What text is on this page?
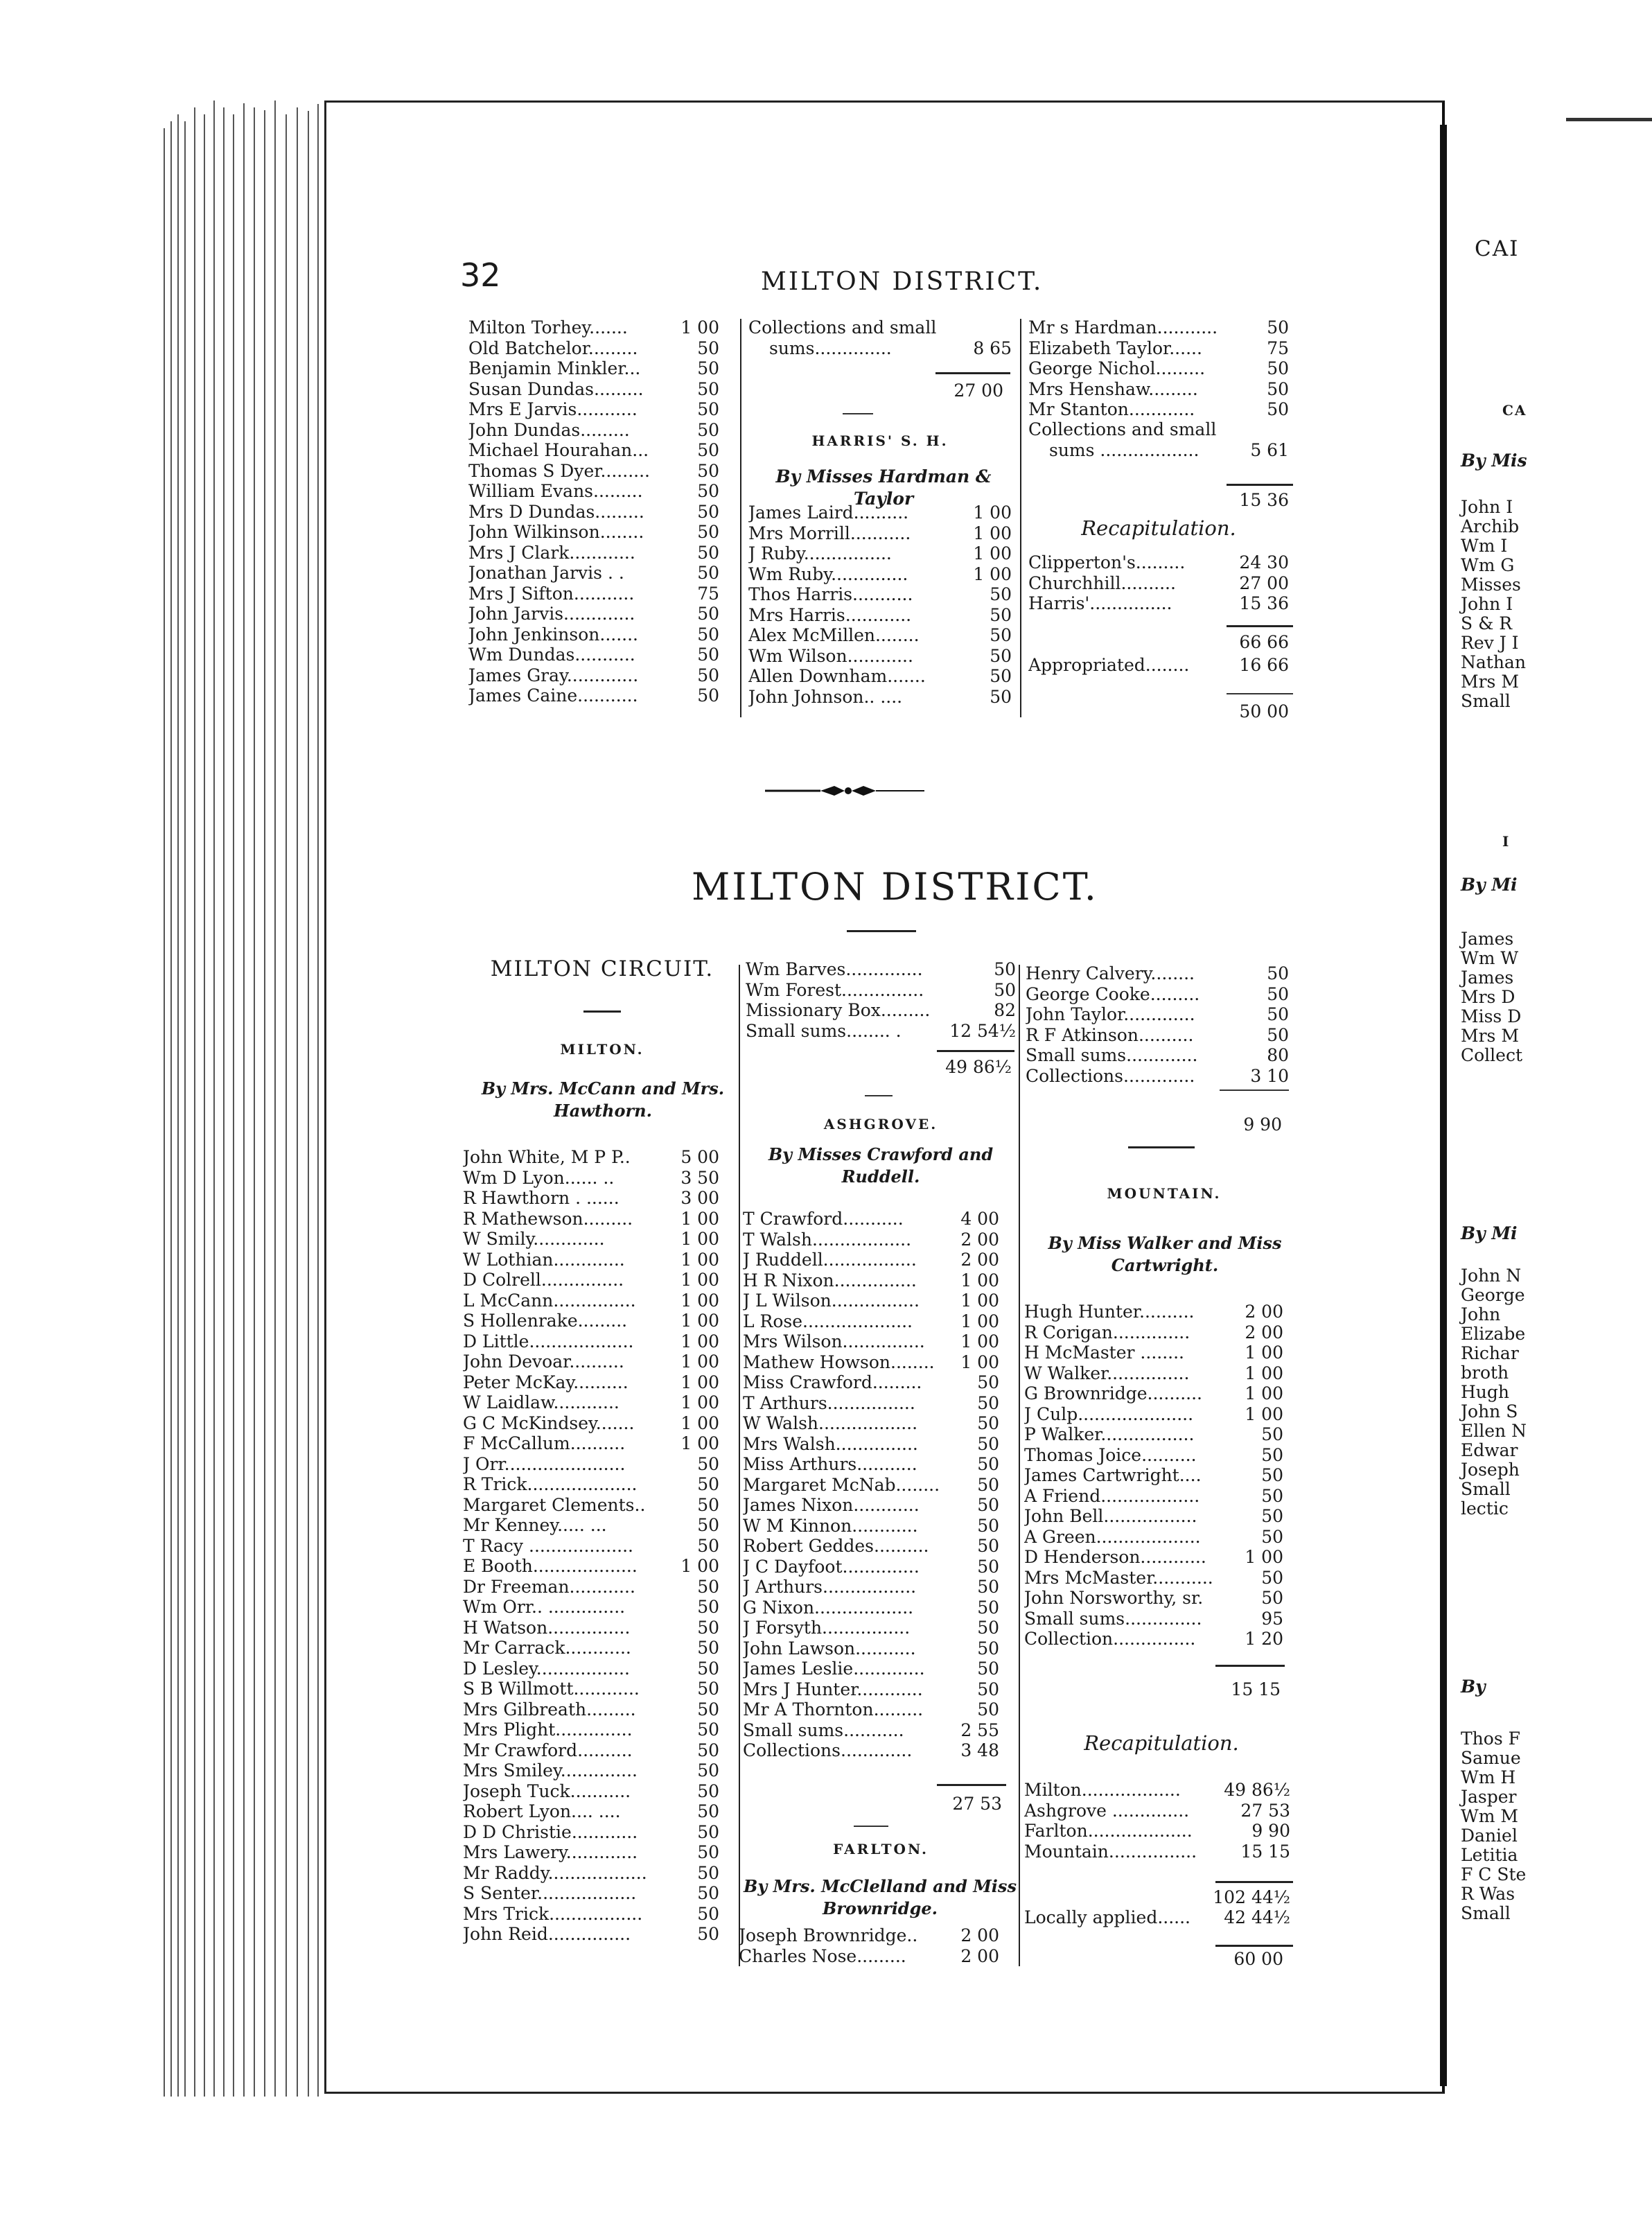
32	MILTON DISTRICT.
Milton Torhey.......	1 00
Old Batchelor.........	50
Benjamin Minkler...	50
Susan Dundas.........	50
Mrs E Jarvis...........	50
John Dundas.........	50
Michael Hourahan...	50
Thomas S Dyer.........	50
William Evans.........	50
Mrs D Dundas.........	50
John Wilkinson........	50
Mrs J Clark............	50
Jonathan Jarvis . .	50
Mrs J Sifton...........	75
John Jarvis.............	50
John Jenkinson.......	50
Wm Dundas...........	50
James Gray.............	50
James Caine...........	50
Collections and small
sums..............	8 65
27 00
HARRIS' S. H.
By Misses Hardman & Taylor
James Laird..........	1 00
Mrs Morrill...........	1 00
J Ruby................	1 00
Wm Ruby..............	1 00
Thos Harris...........	50
Mrs Harris............	50
Alex McMillen........	50
Wm Wilson............	50
Allen Downham.......	50
John Johnson.. ....	50
Mr s Hardman...........	50
Elizabeth Taylor......	75
George Nichol.........	50
Mrs Henshaw.........	50
Mr Stanton............	50
Collections and small
sums ..................	5 61
15 36
Recapitulation.
Clipperton's.........	24 30
Churchhill..........	27 00
Harris'...............	15 36
66 66
Appropriated........	16 66
50 00
MILTON DISTRICT.
MILTON CIRCUIT.
MILTON.
By Mrs. McCann and Mrs.
Hawthorn.
John White, M P P..	5 00
Wm D Lyon...... ..	3 50
R Hawthorn . ......	3 00
R Mathewson.........	1 00
W Smily.............	1 00
W Lothian.............	1 00
D Colrell...............	1 00
L McCann...............	1 00
S Hollenrake.........	1 00
D Little...................	1 00
John Devoar..........	1 00
Peter McKay..........	1 00
W Laidlaw............	1 00
G C McKindsey.......	1 00
F McCallum..........	1 00
J Orr......................	50
R Trick....................	50
Margaret Clements..	50
Mr Kenney..... ...	50
T Racy ...................	50
E Booth...................	1 00
Dr Freeman............	50
Wm Orr.. ..............	50
H Watson...............	50
Mr Carrack............	50
D Lesley.................	50
S B Willmott............	50
Mrs Gilbreath.........	50
Mrs Plight..............	50
Mr Crawford..........	50
Mrs Smiley..............	50
Joseph Tuck...........	50
Robert Lyon.... ....	50
D D Christie............	50
Mrs Lawery.............	50
Mr Raddy..................	50
S Senter..................	50
Mrs Trick.................	50
John Reid...............	50
Wm Barves..............	50
Wm Forest...............	50
Missionary Box.........	82
Small sums........ .	12 54½
49 86½
ASHGROVE.
By Misses Crawford and
Ruddell.
T Crawford...........	4 00
T Walsh..................	2 00
J Ruddell.................	2 00
H R Nixon...............	1 00
J L Wilson................ 1 00
L Rose....................	1 00
Mrs Wilson............... 1 00
Mathew Howson........ 1 00
Miss Crawford.........	50
T Arthurs................	50
W Walsh..................	50
Mrs Walsh...............	50
Miss Arthurs...........	50
Margaret McNab........ 50
James Nixon............	50
W M Kinnon............	50
Robert Geddes..........	50
J C Dayfoot..............	50
J Arthurs.................	50
G Nixon..................	50
J Forsyth................	50
John Lawson...........	50
James Leslie.............	50
Mrs J Hunter............	50
Mr A Thornton.........	50
Small sums...........	2 55
Collections.............	3 48
27 53
FARLTON.
By Mrs. McClelland and Miss
Brownridge.
Joseph Brownridge.. 2 00
Charles Nose.........	2 00
Henry Calvery........	50
George Cooke.........	50
John Taylor.............	50
R F Atkinson..........	50
Small sums.............	80
Collections.............	3 10
9 90
MOUNTAIN.
By Miss Walker and Miss
Cartwright.
Hugh Hunter..........	2 00
R Corigan..............	2 00
H McMaster ........	1 00
W Walker...............	1 00
G Brownridge.......... 1 00
J Culp.....................	1 00
P Walker.................	50
Thomas Joice..........	50
James Cartwright....	50
A Friend..................	50
John Bell.................	50
A Green...................	50
D Henderson............ 1 00
Mrs McMaster...........	50
John Norsworthy, sr.	50
Small sums..............	95
Collection...............	1 20
15 15
Recapitulation.
Milton.................. 49 86½
Ashgrove ..............	27 53
Farlton...................	9 90
Mountain................	15 15
102 44½
Locally applied...... 42 44½
60 00
CAI
CA
By Mis
John I
Archib
Wm I
Wm G
Misses
John I
S & R
Rev J I
Nathan
Mrs M
Small
I
By Mi
James
Wm W
James
Mrs D
Miss D
Mrs M
Collect
By Mi
John N
George
John
Elizabe
Richar
broth
Hugh
John S
Ellen N
Edwar
Joseph
Small
lectic
By
Thos F
Samue
Wm H
Jasper
Wm M
Daniel
Letitia
F C Ste
R Was
Small
